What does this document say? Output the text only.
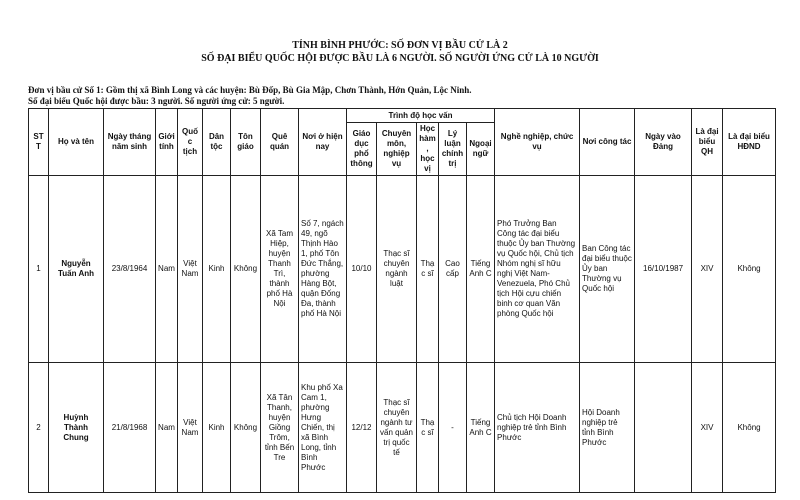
TỈNH BÌNH PHƯỚC: SỐ ĐƠN VỊ BẦU CỬ LÀ 2
SỐ ĐẠI BIỂU QUỐC HỘI ĐƯỢC BẦU LÀ 6 NGƯỜI. SỐ NGƯỜI ỨNG CỬ LÀ 10 NGƯỜI
Đơn vị bầu cử Số 1: Gồm thị xã Bình Long và các huyện: Bù Đốp, Bù Gia Mập, Chơn Thành, Hớn Quản, Lộc Ninh.
Số đại biểu Quốc hội được bầu: 3 người. Số người ứng cử: 5 người.
STT	Họ và tên	Ngày tháng năm sinh	Giới tính	Quốc tịch	Dân tộc	Tôn giáo	Quê quán	Nơi ở hiện nay	Trình độ học vấn					Nghề nghiệp, chức vụ	Nơi công tác	Ngày vào Đảng	Là đại biểu QH	Là đại biểu HĐND
									Giáo dục phổ thông	Chuyên môn, nghiệp vụ	Học hàm, học vị	Lý luận chính trị	Ngoại ngữ					
1	Nguyễn Tuấn Anh	23/8/1964	Nam	Việt Nam	Kinh	Không	Xã Tam Hiệp, huyện Thanh Trì, thành phố Hà Nội	Số 7, ngách 49, ngõ Thịnh Hào 1, phố Tôn Đức Thắng, phường Hàng Bột, quận Đống Đa, thành phố Hà Nội	10/10	Thạc sĩ chuyên ngành luật	Thạc sĩ	Cao cấp	Tiếng Anh C	Phó Trưởng Ban Công tác đại biểu thuộc Ủy ban Thường vụ Quốc hội, Chủ tịch Nhóm nghị sĩ hữu nghị Việt Nam-Venezuela, Phó Chủ tịch Hội cựu chiến binh cơ quan Văn phòng Quốc hội	Ban Công tác đại biểu thuộc Ủy ban Thường vụ Quốc hội	16/10/1987	XIV	Không
2	Huỳnh Thành Chung	21/8/1968	Nam	Việt Nam	Kinh	Không	Xã Tân Thanh, huyện Giồng Trôm, tỉnh Bến Tre	Khu phố Xa Cam 1, phường Hưng Chiến, thị xã Bình Long, tỉnh Bình Phước	12/12	Thạc sĩ chuyên ngành tư vấn quản trị quốc tế	Thạc sĩ	-	Tiếng Anh C	Chủ tịch Hội Doanh nghiệp trẻ tỉnh Bình Phước	Hội Doanh nghiệp trẻ tỉnh Bình Phước		XIV	Không
